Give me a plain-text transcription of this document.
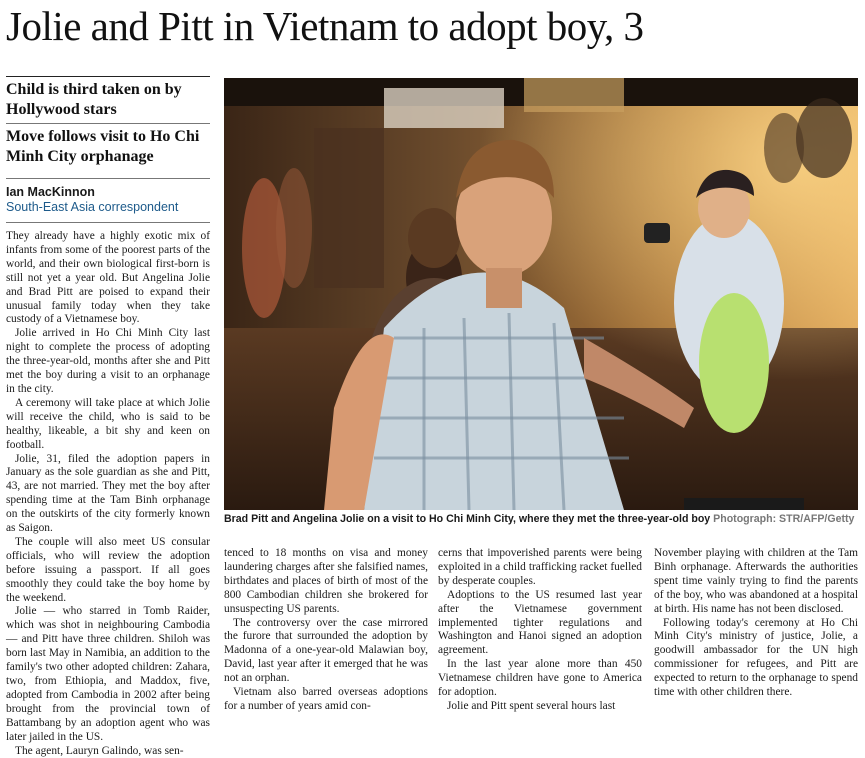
Jolie and Pitt in Vietnam to adopt boy, 3
Child is third taken on by Hollywood stars
Move follows visit to Ho Chi Minh City orphanage
Ian MacKinnon
South-East Asia correspondent

They already have a highly exotic mix of infants from some of the poorest parts of the world, and their own biological first-born is still not yet a year old. But Angelina Jolie and Brad Pitt are poised to expand their unusual family today when they take custody of a Vietnamese boy.

Jolie arrived in Ho Chi Minh City last night to complete the process of adopting the three-year-old, months after she and Pitt met the boy during a visit to an orphanage in the city.

A ceremony will take place at which Jolie will receive the child, who is said to be healthy, likeable, a bit shy and keen on football.

Jolie, 31, filed the adoption papers in January as the sole guardian as she and Pitt, 43, are not married. They met the boy after spending time at the Tam Binh orphanage on the outskirts of the city formerly known as Saigon.

The couple will also meet US consular officials, who will review the adoption before issuing a passport. If all goes smoothly they could take the boy home by the weekend.

Jolie — who starred in Tomb Raider, which was shot in neighbouring Cambodia — and Pitt have three children. Shiloh was born last May in Namibia, an addition to the family's two other adopted children: Zahara, two, from Ethiopia, and Maddox, five, adopted from Cambodia in 2002 after being brought from the provincial town of Battambang by an adoption agent who was later jailed in the US.

The agent, Lauryn Galindo, was sen-

Brad Pitt and Angelina Jolie on a visit to Ho Chi Minh City, where they met the three-year-old boy Photograph: STR/AFP/Getty

tenced to 18 months on visa and money laundering charges after she falsified names, birthdates and places of birth of most of the 800 Cambodian children she brokered for unsuspecting US parents.

The controversy over the case mirrored the furore that surrounded the adoption by Madonna of a one-year-old Malawian boy, David, last year after it emerged that he was not an orphan.

Vietnam also barred overseas adoptions for a number of years amid con-

cerns that impoverished parents were being exploited in a child trafficking racket fuelled by desperate couples.

Adoptions to the US resumed last year after the Vietnamese government implemented tighter regulations and Washington and Hanoi signed an adoption agreement.

In the last year alone more than 450 Vietnamese children have gone to America for adoption.

Jolie and Pitt spent several hours last

November playing with children at the Tam Binh orphanage. Afterwards the authorities spent time vainly trying to find the parents of the boy, who was abandoned at a hospital at birth. His name has not been disclosed.

Following today's ceremony at Ho Chi Minh City's ministry of justice, Jolie, a goodwill ambassador for the UN high commissioner for refugees, and Pitt are expected to return to the orphanage to spend time with other children there.
